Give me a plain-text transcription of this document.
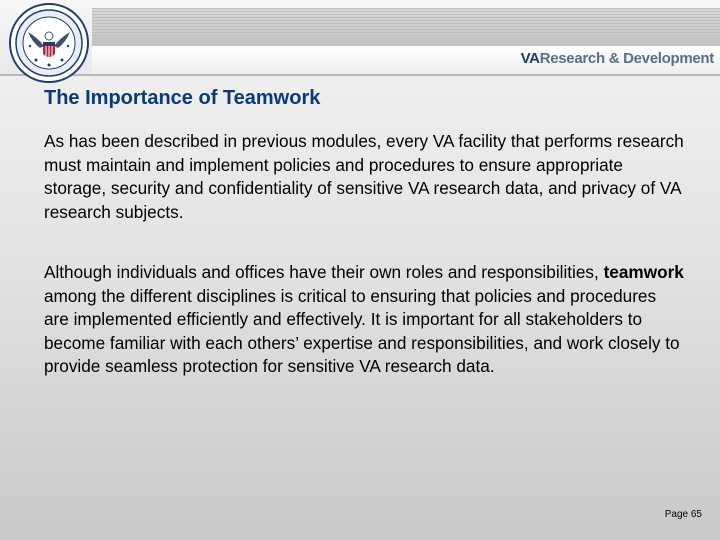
VAResearch & Development
The Importance of Teamwork

As has been described in previous modules, every VA facility that performs research must maintain and implement policies and procedures to ensure appropriate storage, security and confidentiality of sensitive VA research data, and privacy of VA research subjects.

Although individuals and offices have their own roles and responsibilities, teamwork among the different disciplines is critical to ensuring that policies and procedures are implemented efficiently and effectively. It is important for all stakeholders to become familiar with each others’ expertise and responsibilities, and work closely to provide seamless protection for sensitive VA research data.

Page 65
